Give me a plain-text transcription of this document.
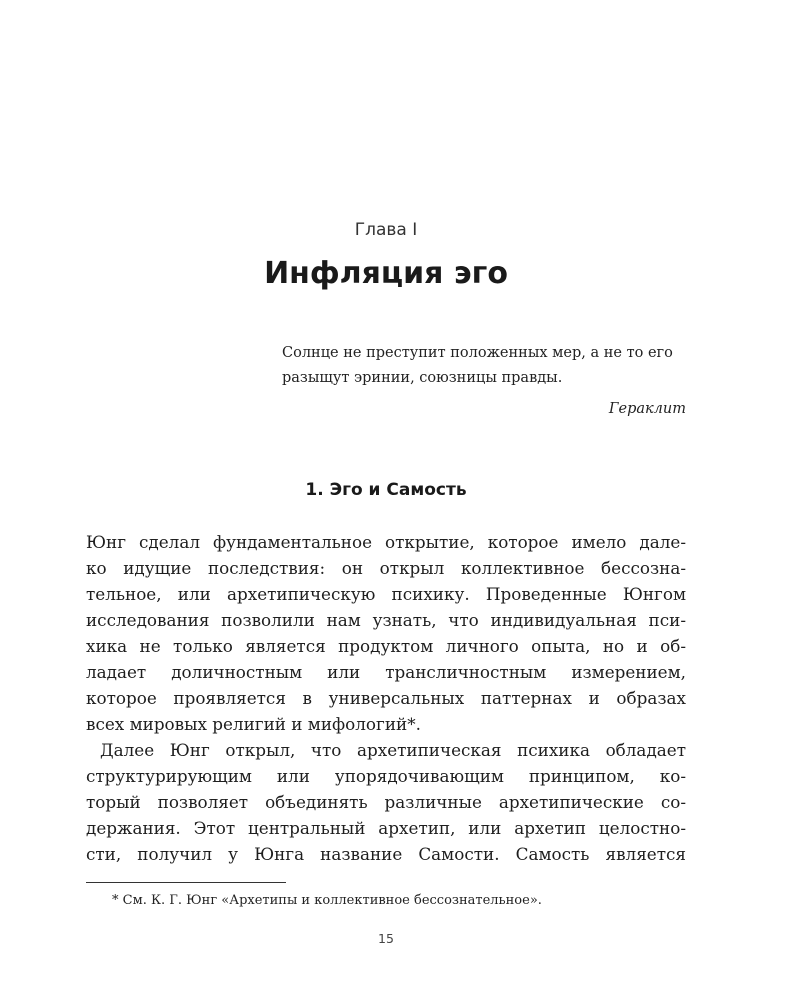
Глава I
Инфляция эго

Солнце не преступит положенных мер, а не то его
разыщут эринии, союзницы правды.

Гераклит

1. Эго и Самость
Юнг сделал фундаментальное открытие, которое имело дале-
ко идущие последствия: он открыл коллективное бессозна-
тельное, или архетипическую психику. Проведенные Юнгом
исследования позволили нам узнать, что индивидуальная пси-
хика не только является продуктом личного опыта, но и об-
ладает доличностным или трансличностным измерением,
которое проявляется в универсальных паттернах и образах
всех мировых религий и мифологий*.
Далее Юнг открыл, что архетипическая психика обладает
структурирующим или упорядочивающим принципом, ко-
торый позволяет объединять различные архетипические со-
держания. Этот центральный архетип, или архетип целостно-
сти, получил у Юнга название Самости. Самость является

* См. К. Г. Юнг «Архетипы и коллективное бессознательное».

15
